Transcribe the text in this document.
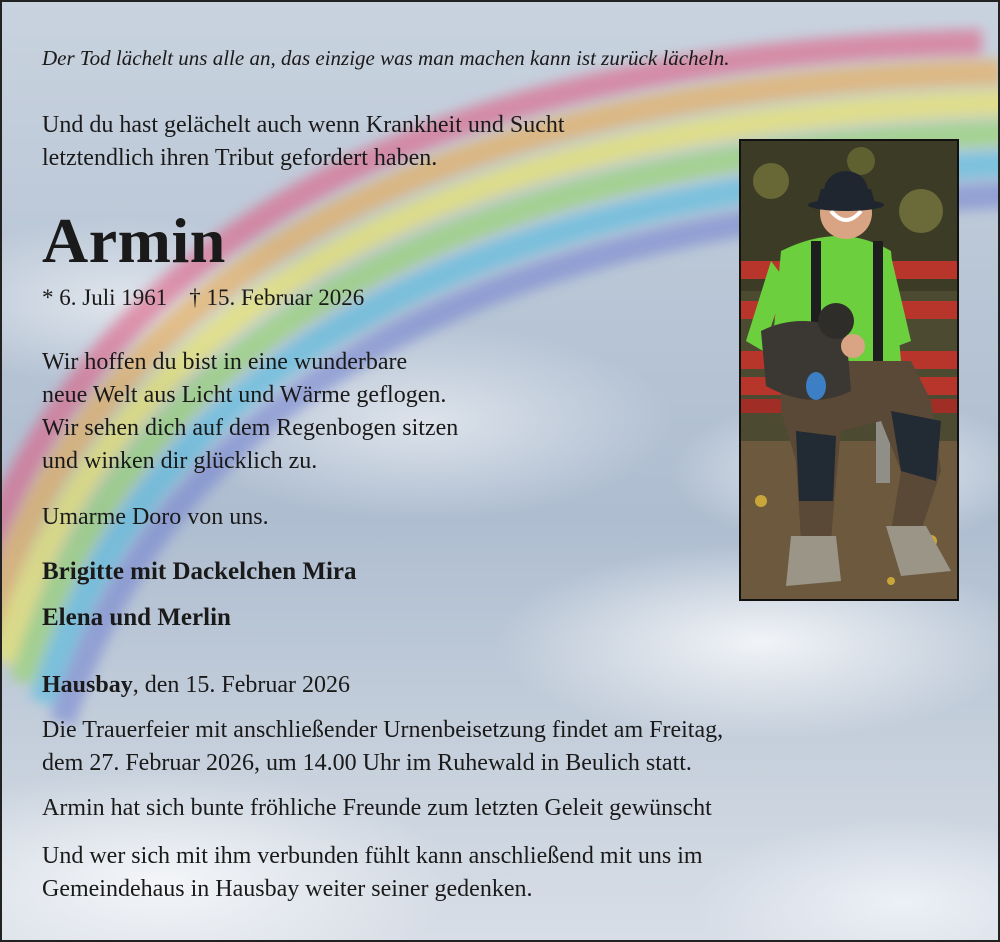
Der Tod lächelt uns alle an, das einzige was man machen kann ist zurück lächeln.
Und du hast gelächelt auch wenn Krankheit und Sucht
letztendlich ihren Tribut gefordert haben.
Armin
* 6. Juli 1961 † 15. Februar 2026
Wir hoffen du bist in eine wunderbare
neue Welt aus Licht und Wärme geflogen.
Wir sehen dich auf dem Regenbogen sitzen
und winken dir glücklich zu.
Umarme Doro von uns.
Brigitte mit Dackelchen Mira
Elena und Merlin
Hausbay, den 15. Februar 2026
Die Trauerfeier mit anschließender Urnenbeisetzung findet am Freitag,
dem 27. Februar 2026, um 14.00 Uhr im Ruhewald in Beulich statt.
Armin hat sich bunte fröhliche Freunde zum letzten Geleit gewünscht
Und wer sich mit ihm verbunden fühlt kann anschließend mit uns im
Gemeindehaus in Hausbay weiter seiner gedenken.
